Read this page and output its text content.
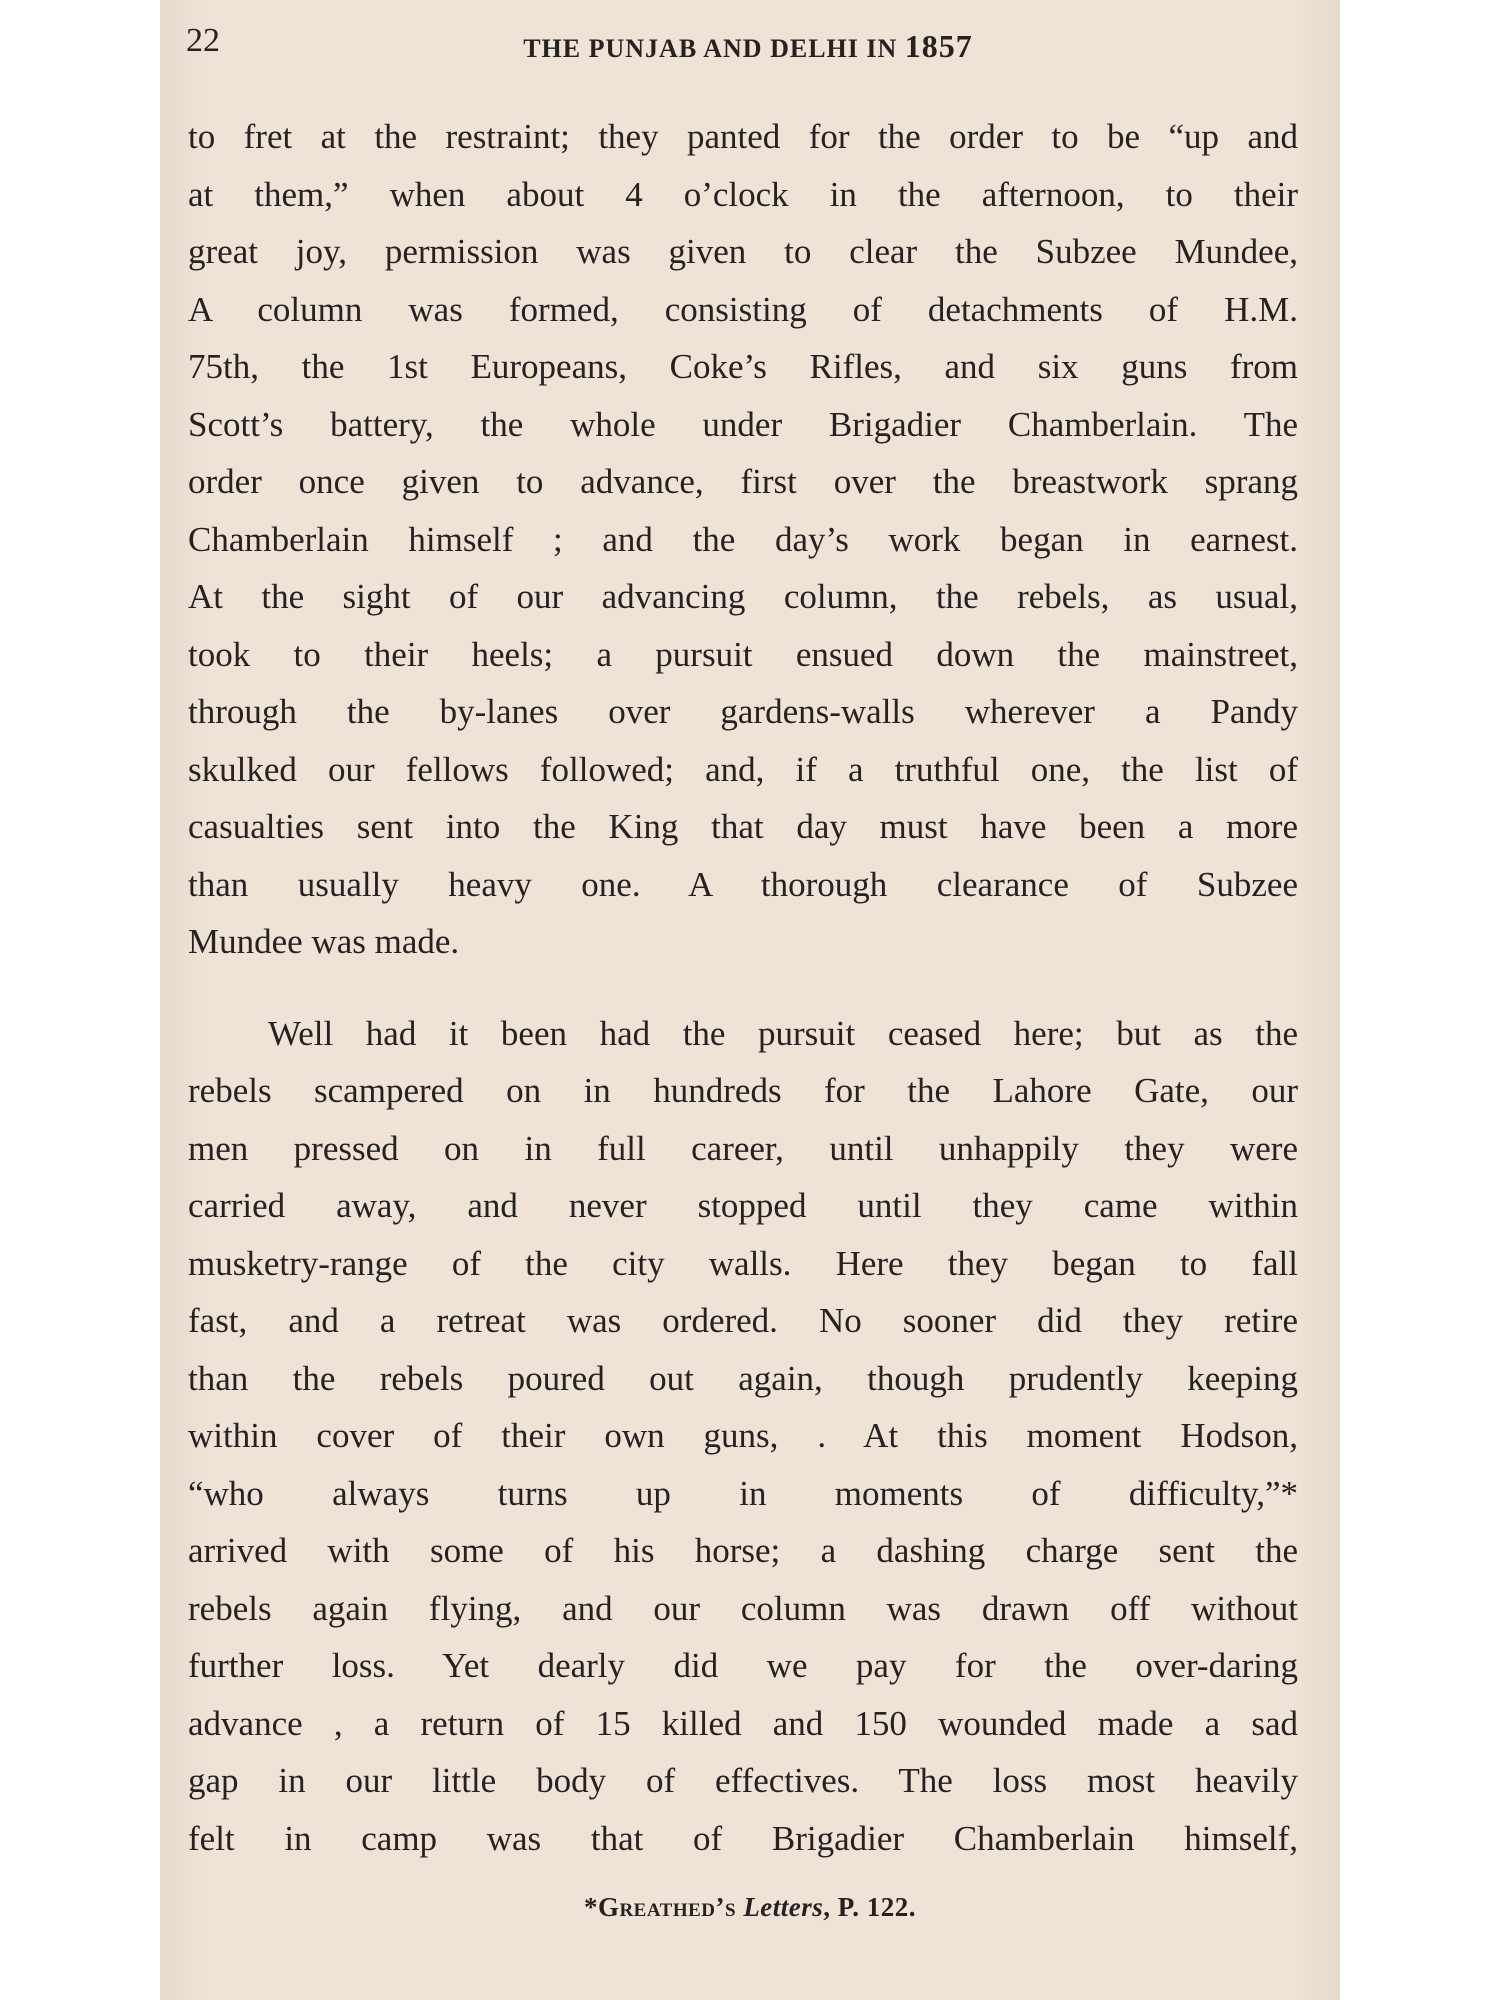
22	THE PUNJAB AND DELHI IN 1857
to fret at the restraint; they panted for the order to be “up and
at them,” when about 4 o’clock in the afternoon, to their
great joy, permission was given to clear the Subzee Mundee,
A column was formed, consisting of detachments of H.M.
75th, the 1st Europeans, Coke’s Rifles, and six guns from
Scott’s battery, the whole under Brigadier Chamberlain. The
order once given to advance, first over the breastwork sprang
Chamberlain himself ; and the day’s work began in earnest.
At the sight of our advancing column, the rebels, as usual,
took to their heels; a pursuit ensued down the mainstreet,
through the by-lanes over gardens-walls wherever a Pandy
skulked our fellows followed; and, if a truthful one, the list of
casualties sent into the King that day must have been a more
than usually heavy one. A thorough clearance of Subzee
Mundee was made.
Well had it been had the pursuit ceased here; but as the
rebels scampered on in hundreds for the Lahore Gate, our
men pressed on in full career, until unhappily they were
carried away, and never stopped until they came within
musketry-range of the city walls. Here they began to fall
fast, and a retreat was ordered. No sooner did they retire
than the rebels poured out again, though prudently keeping
within cover of their own guns, . At this moment Hodson,
“who always turns up in moments of difficulty,”*
arrived with some of his horse; a dashing charge sent the
rebels again flying, and our column was drawn off without
further loss. Yet dearly did we pay for the over-daring
advance , a return of 15 killed and 150 wounded made a sad
gap in our little body of effectives. The loss most heavily
felt in camp was that of Brigadier Chamberlain himself,
*Greathed’s Letters, P. 122.
